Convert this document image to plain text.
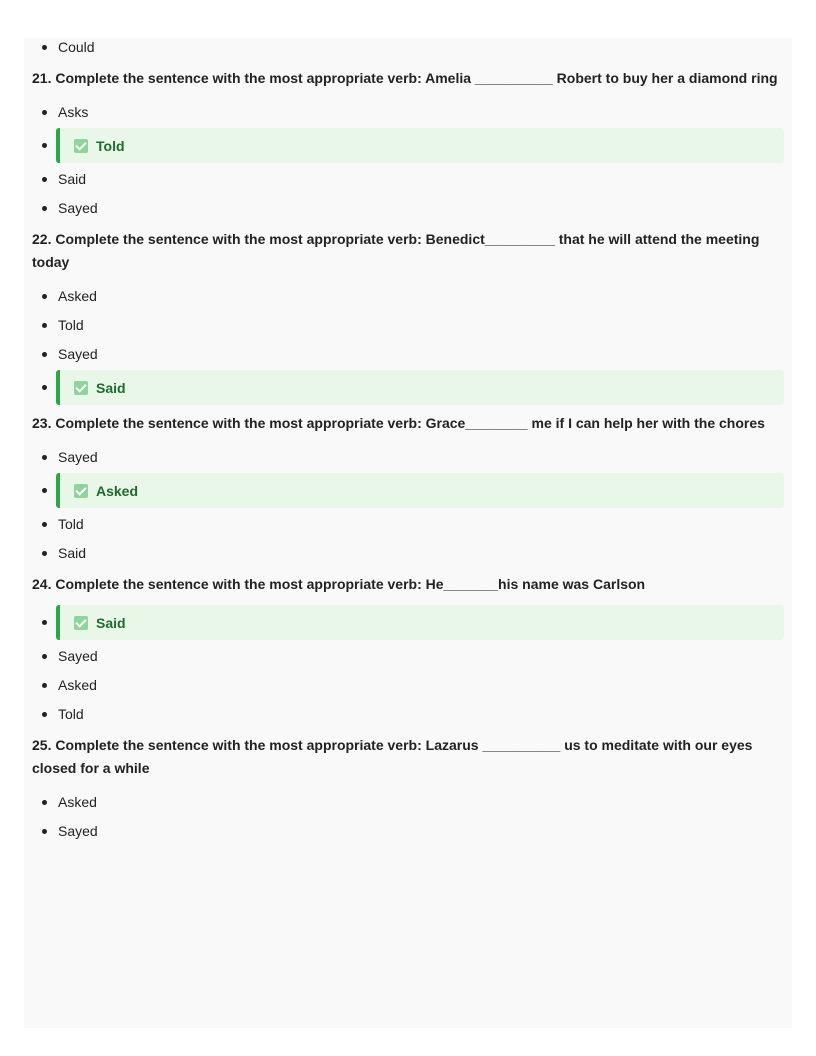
Could
21. Complete the sentence with the most appropriate verb: Amelia __________ Robert to buy her a diamond ring
Asks
Told
Said
Sayed
22. Complete the sentence with the most appropriate verb: Benedict_________ that he will attend the meeting today
Asked
Told
Sayed
Said
23. Complete the sentence with the most appropriate verb: Grace________ me if I can help her with the chores
Sayed
Asked
Told
Said
24. Complete the sentence with the most appropriate verb: He_______his name was Carlson
Said
Sayed
Asked
Told
25. Complete the sentence with the most appropriate verb: Lazarus __________ us to meditate with our eyes closed for a while
Asked
Sayed
